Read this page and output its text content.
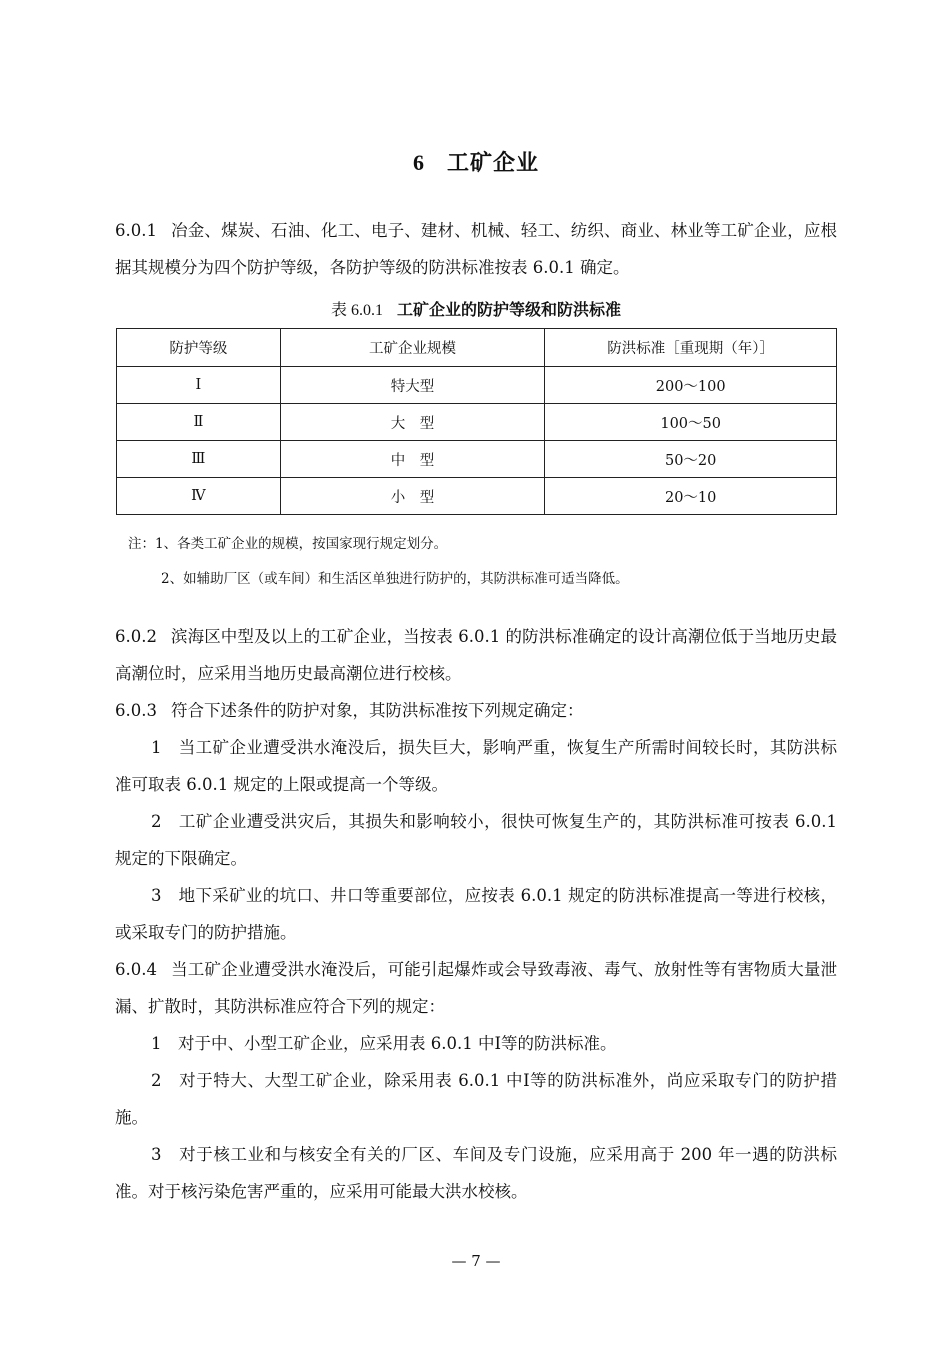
6 工矿企业
6.0.1 冶金、煤炭、石油、化工、电子、建材、机械、轻工、纺织、商业、林业等工矿企业，应根据其规模分为四个防护等级，各防护等级的防洪标准按表 6.0.1 确定。
表 6.0.1 工矿企业的防护等级和防洪标准
防护等级	工矿企业规模	防洪标准［重现期（年）］
Ⅰ	特大型	200～100
Ⅱ	大　型	100～50
Ⅲ	中　型	50～20
Ⅳ	小　型	20～10
注：1、各类工矿企业的规模，按国家现行规定划分。
2、如辅助厂区（或车间）和生活区单独进行防护的，其防洪标准可适当降低。
6.0.2 滨海区中型及以上的工矿企业，当按表 6.0.1 的防洪标准确定的设计高潮位低于当地历史最高潮位时，应采用当地历史最高潮位进行校核。
6.0.3 符合下述条件的防护对象，其防洪标准按下列规定确定：
1　当工矿企业遭受洪水淹没后，损失巨大，影响严重，恢复生产所需时间较长时，其防洪标准可取表 6.0.1 规定的上限或提高一个等级。
2　工矿企业遭受洪灾后，其损失和影响较小，很快可恢复生产的，其防洪标准可按表 6.0.1 规定的下限确定。
3　地下采矿业的坑口、井口等重要部位，应按表 6.0.1 规定的防洪标准提高一等进行校核，或采取专门的防护措施。
6.0.4 当工矿企业遭受洪水淹没后，可能引起爆炸或会导致毒液、毒气、放射性等有害物质大量泄漏、扩散时，其防洪标准应符合下列的规定：
1　对于中、小型工矿企业，应采用表 6.0.1 中Ⅰ等的防洪标准。
2　对于特大、大型工矿企业，除采用表 6.0.1 中Ⅰ等的防洪标准外，尚应采取专门的防护措施。
3　对于核工业和与核安全有关的厂区、车间及专门设施，应采用高于 200 年一遇的防洪标准。对于核污染危害严重的，应采用可能最大洪水校核。
— 7 —
